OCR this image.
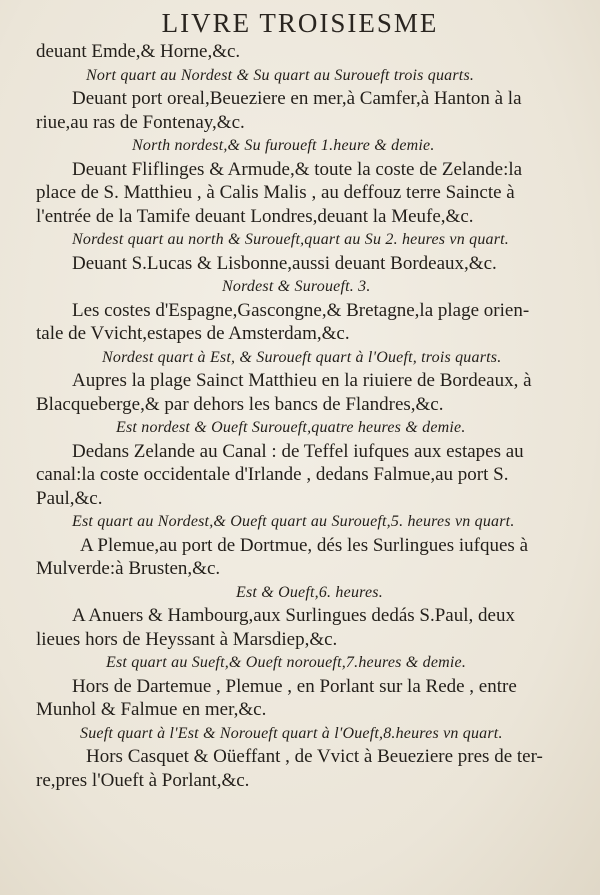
LIVRE TROISIESME
deuant Emde,& Horne,&c.
Nort quart au Nordest & Su quart au Suroueft trois quarts.
Deuant port oreal,Beueziere en mer,à Camfer,à Hanton à la
riue,au ras de Fontenay,&c.
North nordest,& Su furoueft 1.heure & demie.
Deuant Fliflinges & Armude,& toute la coste de Zelande:la
place de S. Matthieu , à Calis Malis , au deffouz terre Saincte à
l'entrée de la Tamife deuant Londres,deuant la Meufe,&c.
Nordest quart au north & Suroueft,quart au Su 2. heures vn quart.
Deuant S.Lucas & Lisbonne,aussi deuant Bordeaux,&c.
Nordest & Suroueft. 3.
Les costes d'Espagne,Gascongne,& Bretagne,la plage orien-
tale de Vvicht,estapes de Amsterdam,&c.
Nordest quart à Est, & Suroueft quart à l'Oueft, trois quarts.
Aupres la plage Sainct Matthieu en la riuiere de Bordeaux, à
Blacqueberge,& par dehors les bancs de Flandres,&c.
Est nordest & Oueft Suroueft,quatre heures & demie.
Dedans Zelande au Canal : de Teffel iufques aux estapes au
canal:la coste occidentale d'Irlande , dedans Falmue,au port S.
Paul,&c.
Est quart au Nordest,& Oueft quart au Suroueft,5. heures vn quart.
A Plemue,au port de Dortmue, dés les Surlingues iufques à
Mulverde:à Brusten,&c.
Est & Oueft,6. heures.
A Anuers & Hambourg,aux Surlingues dedás S.Paul, deux
lieues hors de Heyssant à Marsdiep,&c.
Est quart au Sueft,& Oueft noroueft,7.heures & demie.
Hors de Dartemue , Plemue , en Porlant sur la Rede , entre
Munhol & Falmue en mer,&c.
Sueft quart à l'Est & Noroueft quart à l'Oueft,8.heures vn quart.
Hors Casquet & Oüeffant , de Vvict à Beueziere pres de ter-
re,pres l'Oueft à Porlant,&c.
